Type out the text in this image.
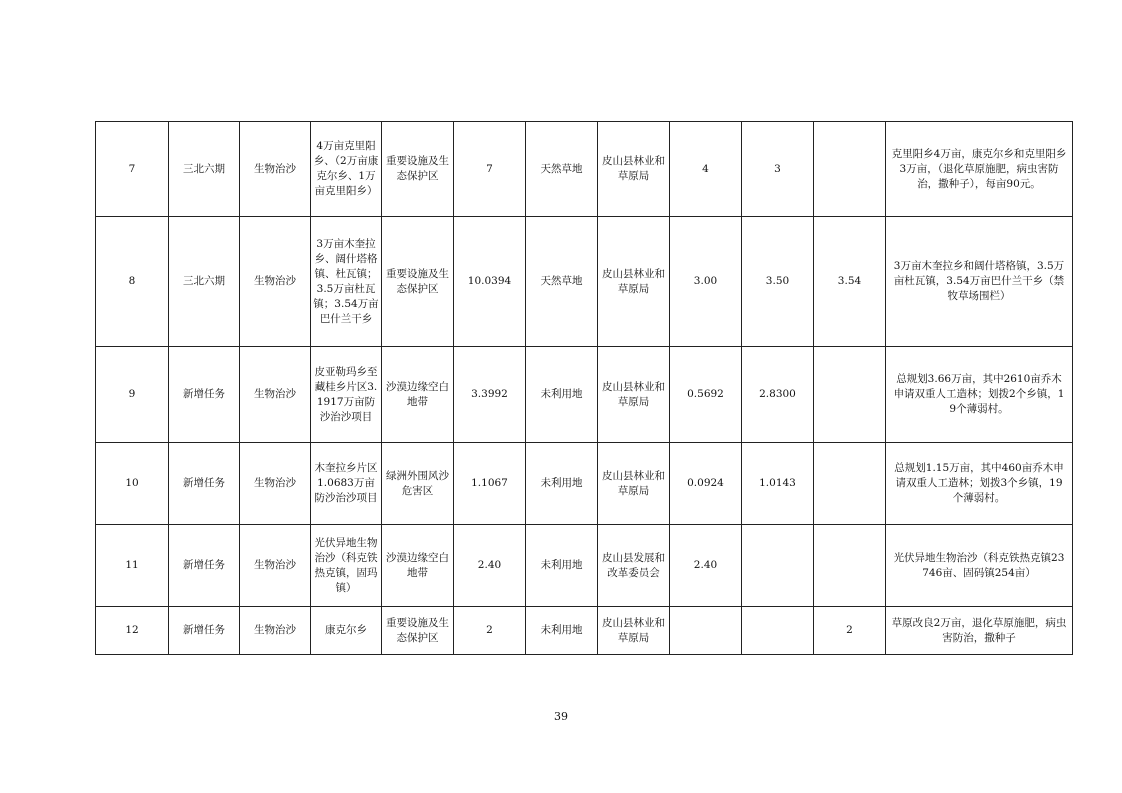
7	三北六期	生物治沙	4万亩克里阳乡、（2万亩康克尔乡、1万亩克里阳乡）	重要设施及生态保护区	7	天然草地	皮山县林业和草原局	4	3		克里阳乡4万亩，康克尔乡和克里阳乡3万亩，（退化草原施肥，病虫害防治，撒种子），每亩90元。
8	三北六期	生物治沙	3万亩木奎拉乡、阔什塔格镇、杜瓦镇；3.5万亩杜瓦镇；3.54万亩巴什兰干乡	重要设施及生态保护区	10.0394	天然草地	皮山县林业和草原局	3.00	3.50	3.54	3万亩木奎拉乡和阔什塔格镇，3.5万亩杜瓦镇，3.54万亩巴什兰干乡（禁牧草场围栏）
9	新增任务	生物治沙	皮亚勒玛乡至藏桂乡片区3.1917万亩防沙治沙项目	沙漠边缘空白地带	3.3992	未利用地	皮山县林业和草原局	0.5692	2.8300		总规划3.66万亩，其中2610亩乔木申请双重人工造林；划拨2个乡镇，19个薄弱村。
10	新增任务	生物治沙	木奎拉乡片区1.0683万亩防沙治沙项目	绿洲外围风沙危害区	1.1067	未利用地	皮山县林业和草原局	0.0924	1.0143		总规划1.15万亩，其中460亩乔木申请双重人工造林；划拨3个乡镇，19个薄弱村。
11	新增任务	生物治沙	光伏异地生物治沙（科克铁热克镇，固玛镇）	沙漠边缘空白地带	2.40	未利用地	皮山县发展和改革委员会	2.40			光伏异地生物治沙（科克铁热克镇23746亩、固码镇254亩）
12	新增任务	生物治沙	康克尔乡	重要设施及生态保护区	2	未利用地	皮山县林业和草原局			2	草原改良2万亩，退化草原施肥，病虫害防治，撒种子
39
